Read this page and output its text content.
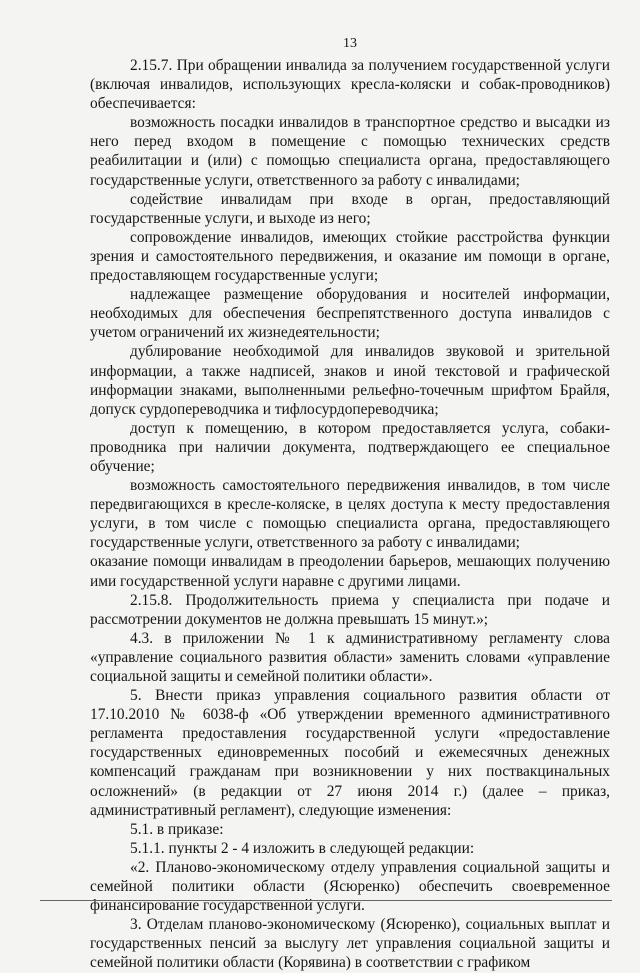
13

2.15.7. При обращении инвалида за получением государственной услуги (включая инвалидов, использующих кресла-коляски и собак-проводников) обеспечивается:

возможность посадки инвалидов в транспортное средство и высадки из него перед входом в помещение с помощью технических средств реабилитации и (или) с помощью специалиста органа, предоставляющего государственные услуги, ответственного за работу с инвалидами;

содействие инвалидам при входе в орган, предоставляющий государственные услуги, и выходе из него;

сопровождение инвалидов, имеющих стойкие расстройства функции зрения и самостоятельного передвижения, и оказание им помощи в органе, предоставляющем государственные услуги;

надлежащее размещение оборудования и носителей информации, необходимых для обеспечения беспрепятственного доступа инвалидов с учетом ограничений их жизнедеятельности;

дублирование необходимой для инвалидов звуковой и зрительной информации, а также надписей, знаков и иной текстовой и графической информации знаками, выполненными рельефно-точечным шрифтом Брайля, допуск сурдопереводчика и тифлосурдопереводчика;

доступ к помещению, в котором предоставляется услуга, собаки-проводника при наличии документа, подтверждающего ее специальное обучение;

возможность самостоятельного передвижения инвалидов, в том числе передвигающихся в кресле-коляске, в целях доступа к месту предоставления услуги, в том числе с помощью специалиста органа, предоставляющего государственные услуги, ответственного за работу с инвалидами;

оказание помощи инвалидам в преодолении барьеров, мешающих получению ими государственной услуги наравне с другими лицами.

2.15.8. Продолжительность приема у специалиста при подаче и рассмотрении документов не должна превышать 15 минут.»;

4.3. в приложении № 1 к административному регламенту слова «управление социального развития области» заменить словами «управление социальной защиты и семейной политики области».

5. Внести приказ управления социального развития области от 17.10.2010 № 6038-ф «Об утверждении временного административного регламента предоставления государственной услуги «предоставление государственных единовременных пособий и ежемесячных денежных компенсаций гражданам при возникновении у них поствакцинальных осложнений» (в редакции от 27 июня 2014 г.) (далее – приказ, административный регламент), следующие изменения:

5.1. в приказе:

5.1.1. пункты 2 - 4 изложить в следующей редакции:

«2. Планово-экономическому отделу управления социальной защиты и семейной политики области (Ясюренко) обеспечить своевременное финансирование государственной услуги.

3. Отделам планово-экономическому (Ясюренко), социальных выплат и государственных пенсий за выслугу лет управления социальной защиты и семейной политики области (Корявина) в соответствии с графиком
